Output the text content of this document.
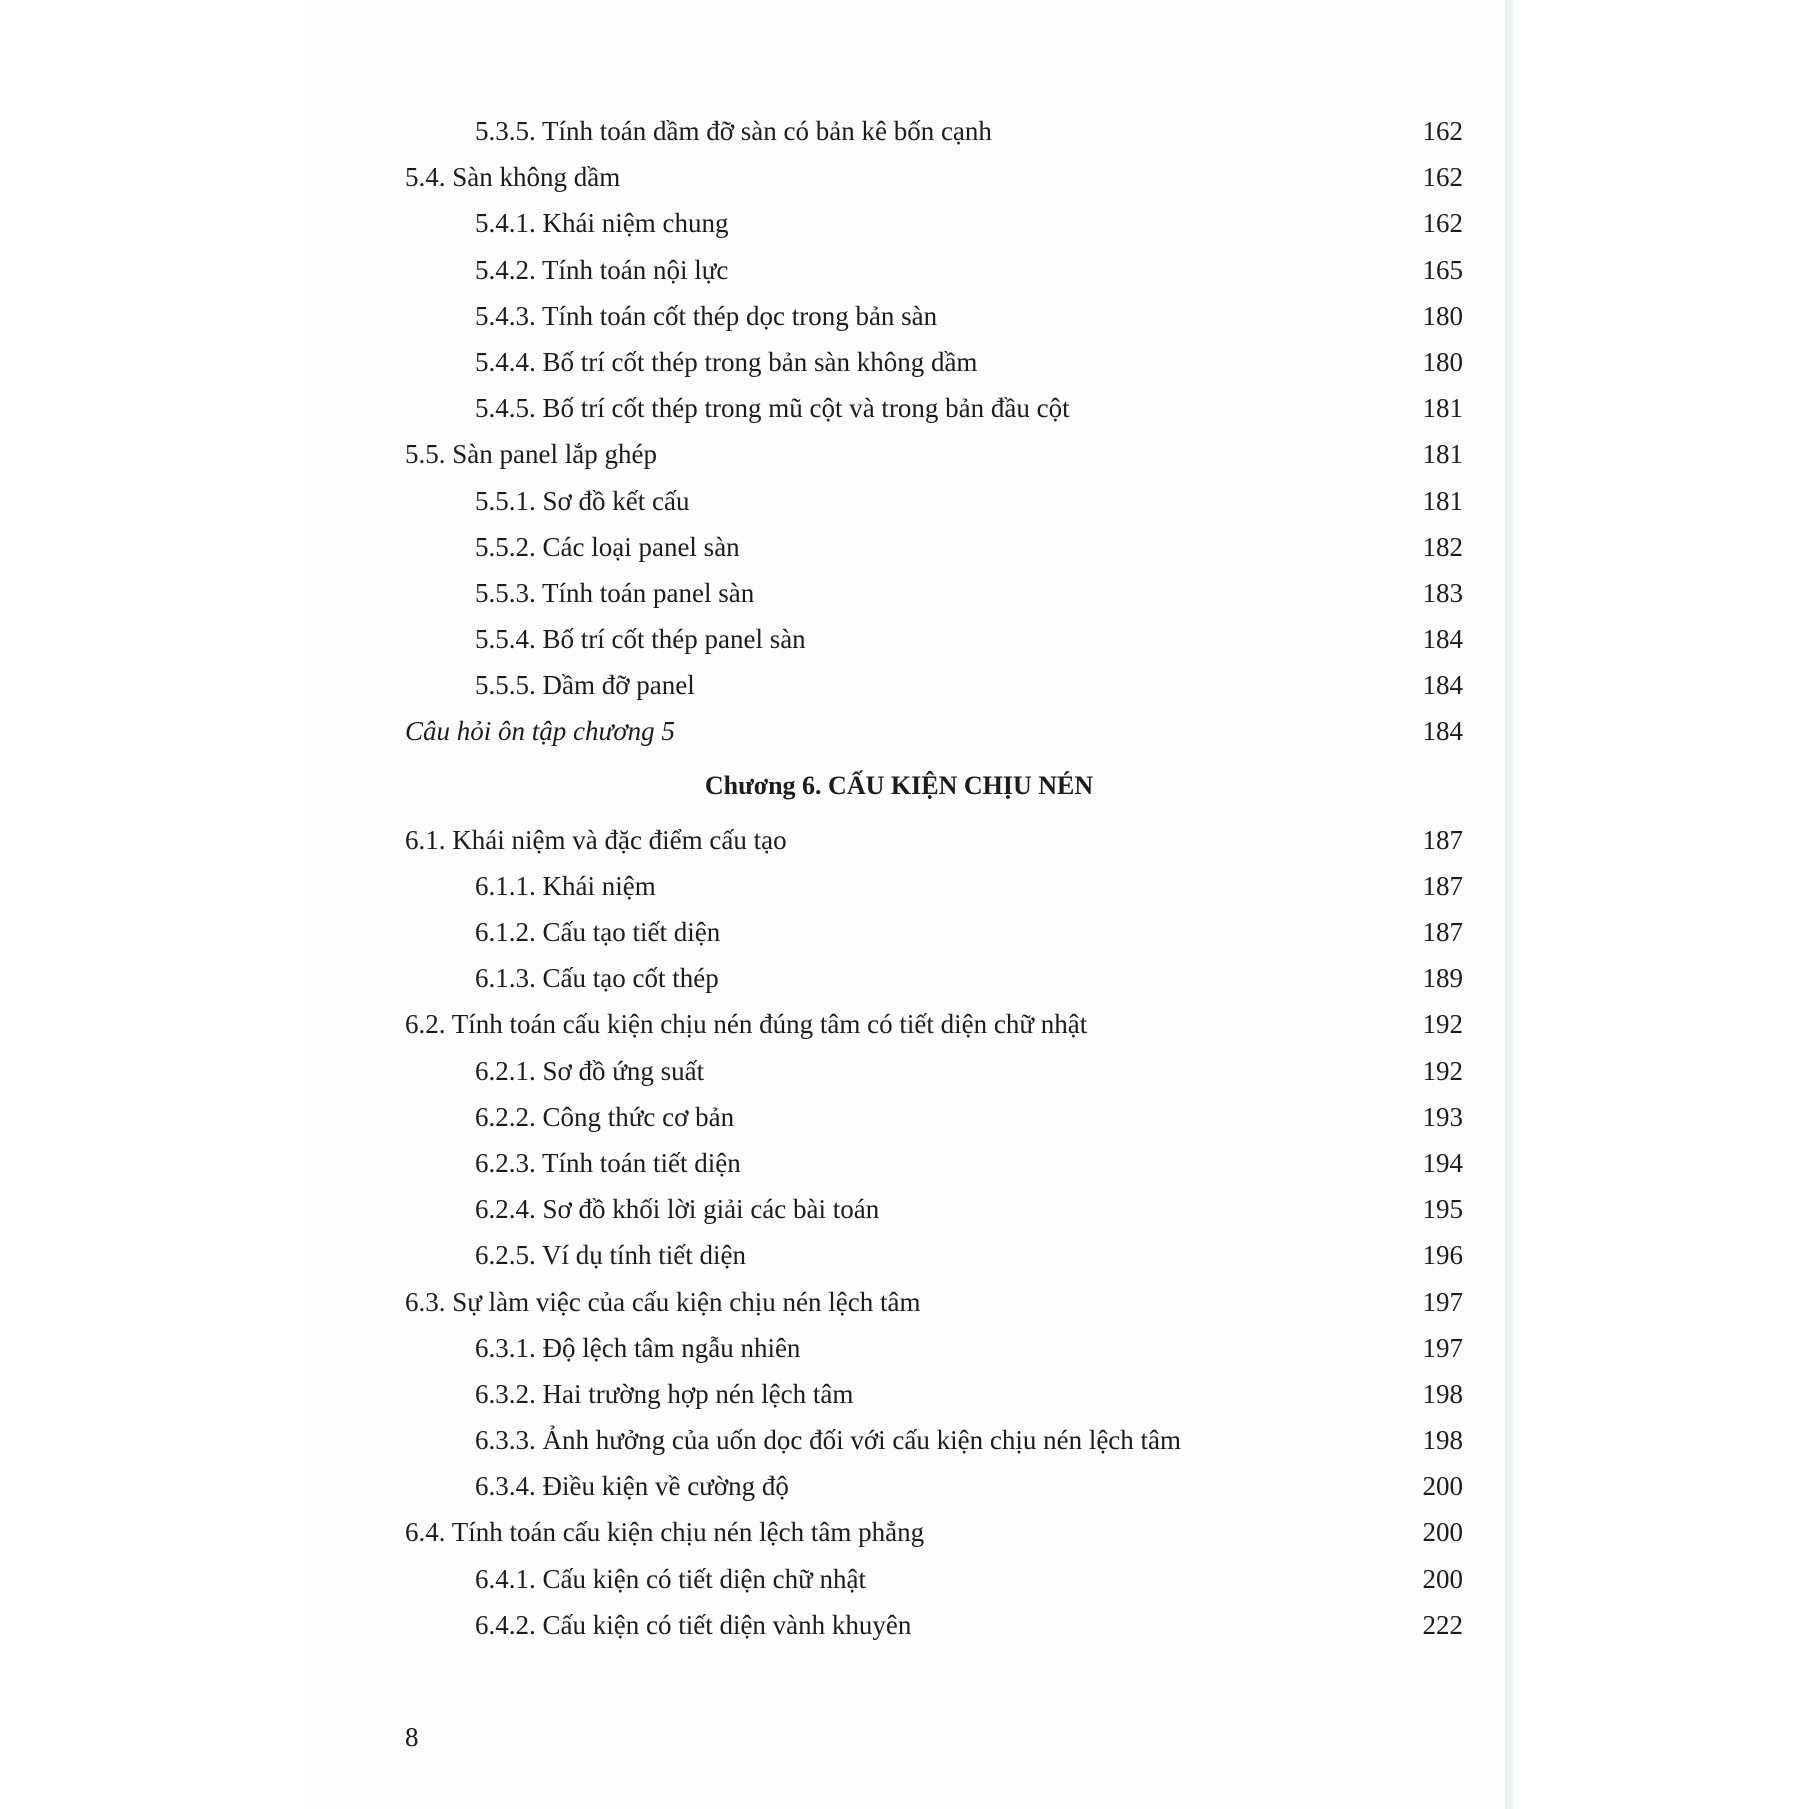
5.3.5. Tính toán dầm đỡ sàn có bản kê bốn cạnh	162
5.4. Sàn không dầm	162
5.4.1. Khái niệm chung	162
5.4.2. Tính toán nội lực	165
5.4.3. Tính toán cốt thép dọc trong bản sàn	180
5.4.4. Bố trí cốt thép trong bản sàn không dầm	180
5.4.5. Bố trí cốt thép trong mũ cột và trong bản đầu cột	181
5.5. Sàn panel lắp ghép	181
5.5.1. Sơ đồ kết cấu	181
5.5.2. Các loại panel sàn	182
5.5.3. Tính toán panel sàn	183
5.5.4. Bố trí cốt thép panel sàn	184
5.5.5. Dầm đỡ panel	184
Câu hỏi ôn tập chương 5	184
Chương 6. CẤU KIỆN CHỊU NÉN
6.1. Khái niệm và đặc điểm cấu tạo	187
6.1.1. Khái niệm	187
6.1.2. Cấu tạo tiết diện	187
6.1.3. Cấu tạo cốt thép	189
6.2. Tính toán cấu kiện chịu nén đúng tâm có tiết diện chữ nhật	192
6.2.1. Sơ đồ ứng suất	192
6.2.2. Công thức cơ bản	193
6.2.3. Tính toán tiết diện	194
6.2.4. Sơ đồ khối lời giải các bài toán	195
6.2.5. Ví dụ tính tiết diện	196
6.3. Sự làm việc của cấu kiện chịu nén lệch tâm	197
6.3.1. Độ lệch tâm ngẫu nhiên	197
6.3.2. Hai trường hợp nén lệch tâm	198
6.3.3. Ảnh hưởng của uốn dọc đối với cấu kiện chịu nén lệch tâm	198
6.3.4. Điều kiện về cường độ	200
6.4. Tính toán cấu kiện chịu nén lệch tâm phẳng	200
6.4.1. Cấu kiện có tiết diện chữ nhật	200
6.4.2. Cấu kiện có tiết diện vành khuyên	222
8
